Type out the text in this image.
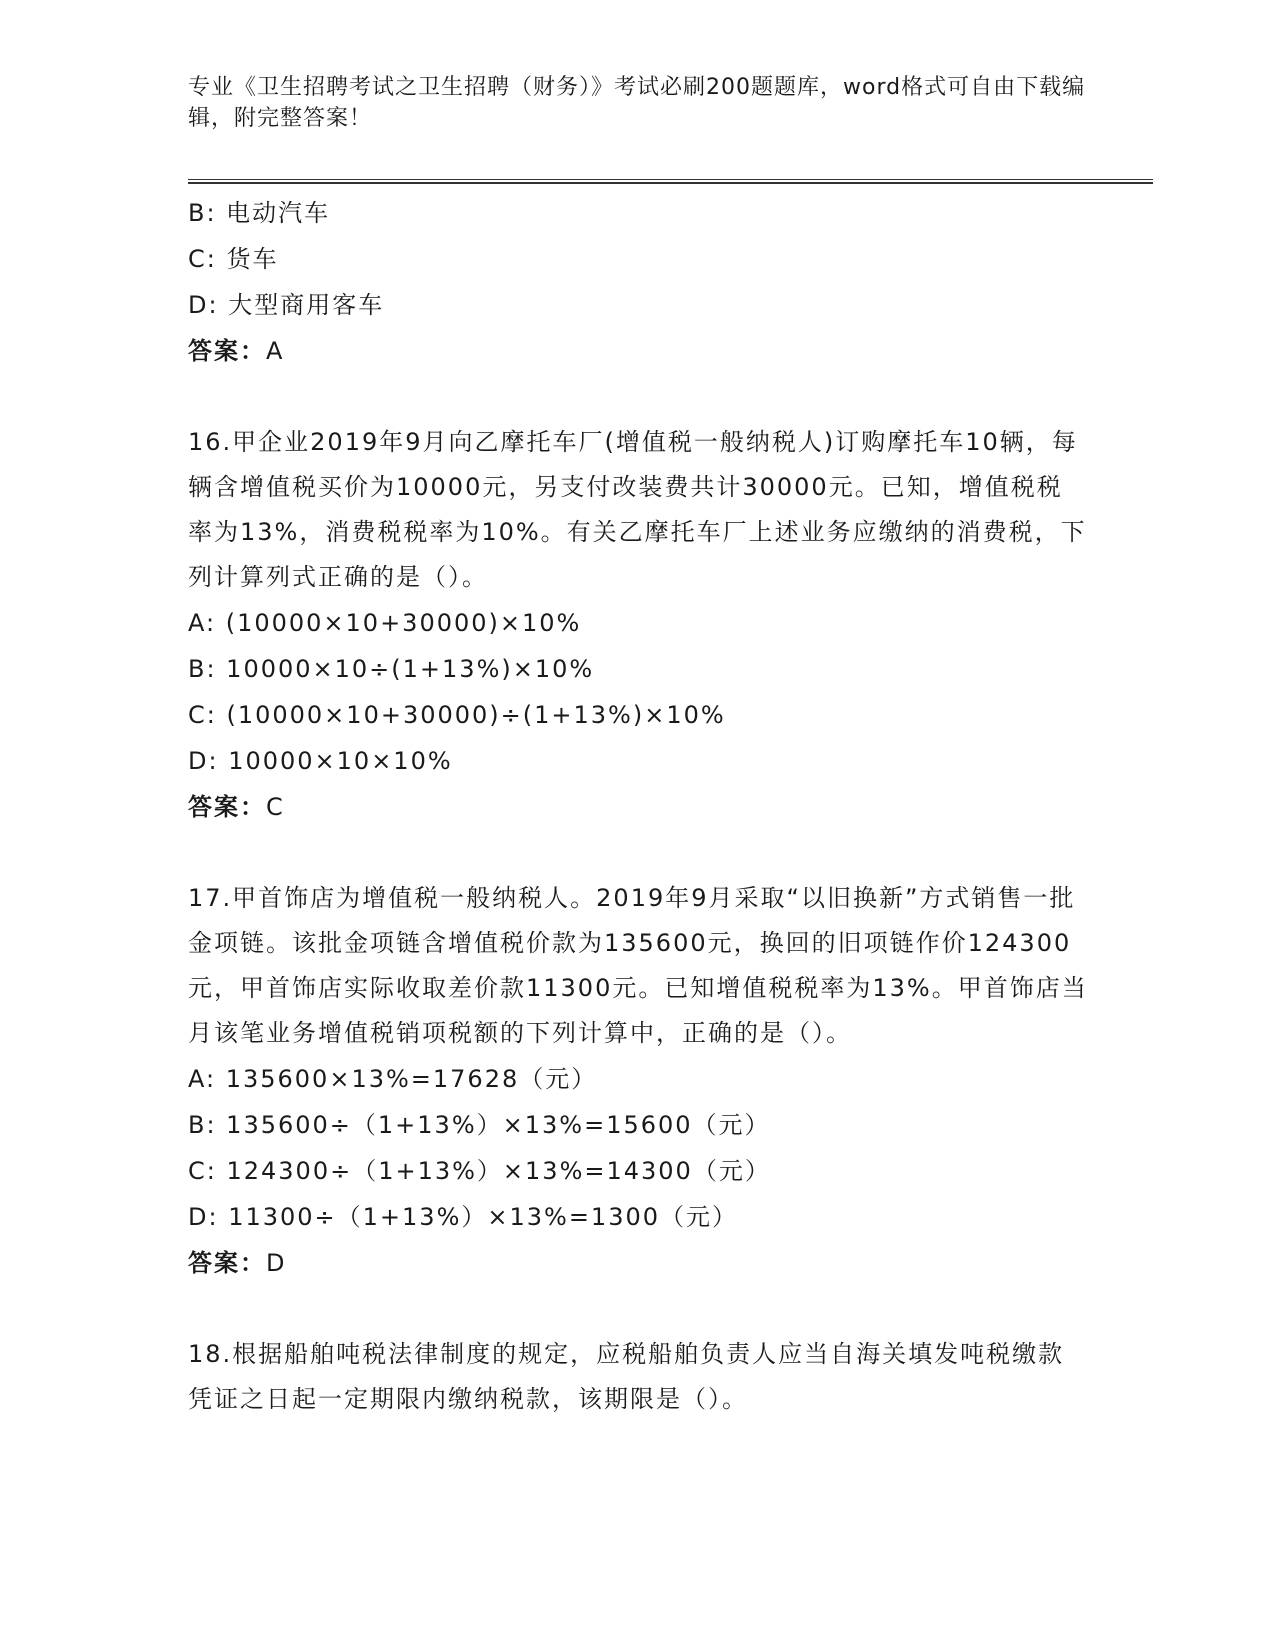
专业《卫生招聘考试之卫生招聘（财务）》考试必刷200题题库，word格式可自由下载编辑，附完整答案！

B: 电动汽车
C: 货车
D: 大型商用客车
答案：A

16.甲企业2019年9月向乙摩托车厂(增值税一般纳税人)订购摩托车10辆，每辆含增值税买价为10000元，另支付改装费共计30000元。已知，增值税税率为13%，消费税税率为10%。有关乙摩托车厂上述业务应缴纳的消费税，下列计算列式正确的是（）。

A: (10000×10+30000)×10%
B: 10000×10÷(1+13%)×10%
C: (10000×10+30000)÷(1+13%)×10%
D: 10000×10×10%
答案：C

17.甲首饰店为增值税一般纳税人。2019年9月采取“以旧换新”方式销售一批金项链。该批金项链含增值税价款为135600元，换回的旧项链作价124300元，甲首饰店实际收取差价款11300元。已知增值税税率为13%。甲首饰店当月该笔业务增值税销项税额的下列计算中，正确的是（）。

A: 135600×13%=17628（元）
B: 135600÷（1+13%）×13%=15600（元）
C: 124300÷（1+13%）×13%=14300（元）
D: 11300÷（1+13%）×13%=1300（元）
答案：D

18.根据船舶吨税法律制度的规定，应税船舶负责人应当自海关填发吨税缴款凭证之日起一定期限内缴纳税款，该期限是（）。
